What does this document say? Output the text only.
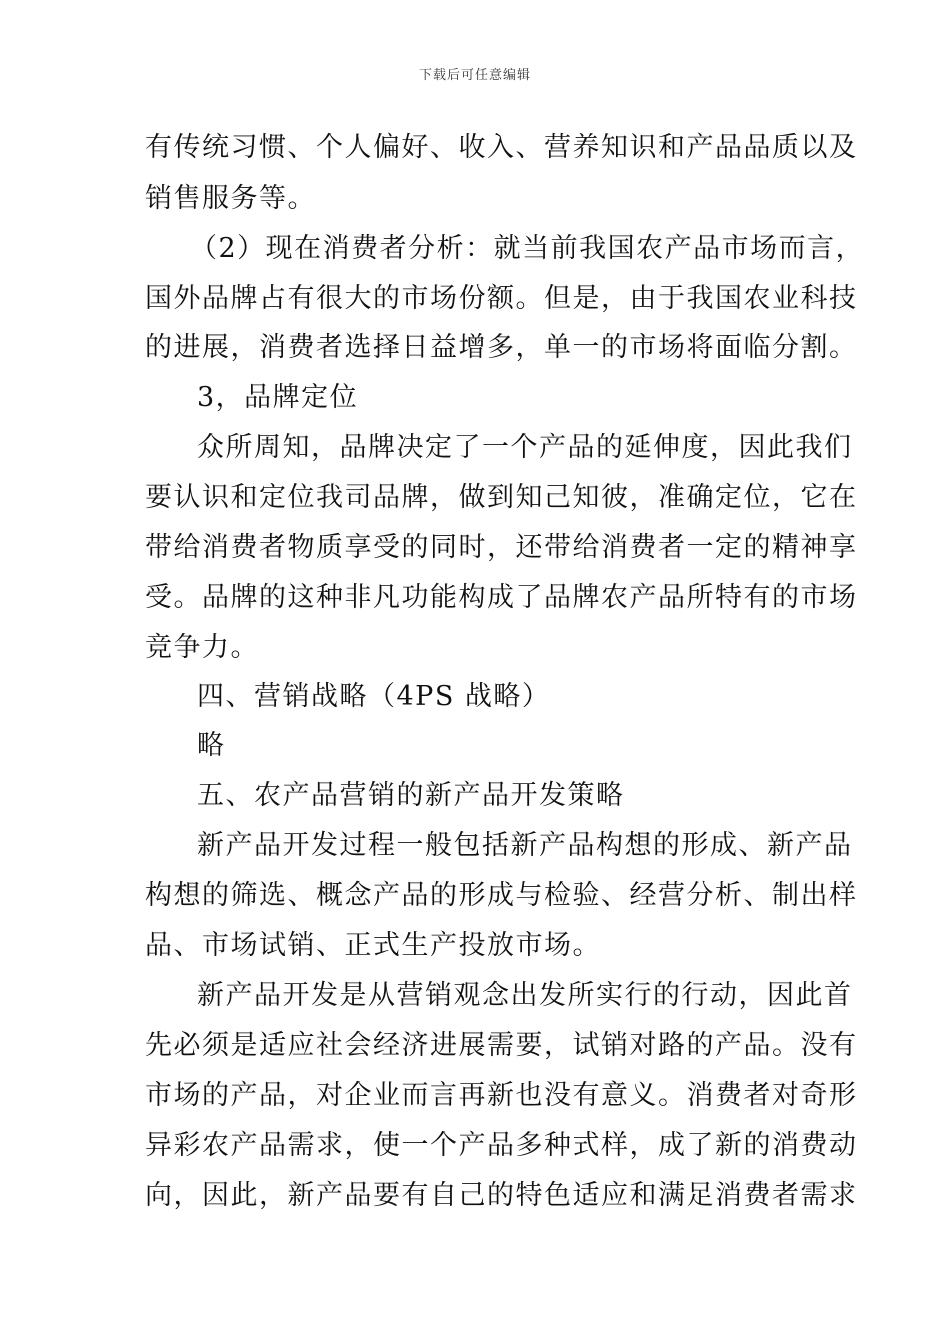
下载后可任意编辑
有传统习惯、个人偏好、收入、营养知识和产品品质以及
销售服务等。
（2）现在消费者分析：就当前我国农产品市场而言，
国外品牌占有很大的市场份额。但是，由于我国农业科技
的进展，消费者选择日益增多，单一的市场将面临分割。
3，品牌定位
众所周知，品牌决定了一个产品的延伸度，因此我们
要认识和定位我司品牌，做到知己知彼，准确定位，它在
带给消费者物质享受的同时，还带给消费者一定的精神享
受。品牌的这种非凡功能构成了品牌农产品所特有的市场
竞争力。
四、营销战略（4PS 战略）
略
五、农产品营销的新产品开发策略
新产品开发过程一般包括新产品构想的形成、新产品
构想的筛选、概念产品的形成与检验、经营分析、制出样
品、市场试销、正式生产投放市场。
新产品开发是从营销观念出发所实行的行动，因此首
先必须是适应社会经济进展需要，试销对路的产品。没有
市场的产品，对企业而言再新也没有意义。消费者对奇形
异彩农产品需求，使一个产品多种式样，成了新的消费动
向，因此，新产品要有自己的特色适应和满足消费者需求
